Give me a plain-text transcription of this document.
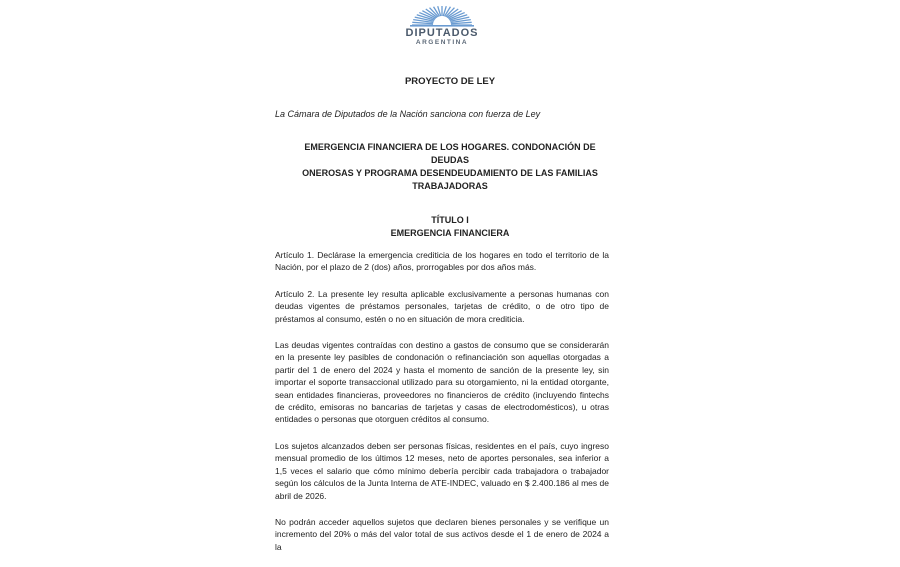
DIPUTADOS
ARGENTINA
PROYECTO DE LEY
La Cámara de Diputados de la Nación sanciona con fuerza de Ley
EMERGENCIA FINANCIERA DE LOS HOGARES. CONDONACIÓN DE DEUDAS
ONEROSAS Y PROGRAMA DESENDEUDAMIENTO DE LAS FAMILIAS
TRABAJADORAS
TÍTULO I
EMERGENCIA FINANCIERA

Artículo 1. Declárase la emergencia crediticia de los hogares en todo el territorio de la Nación, por el plazo de 2 (dos) años, prorrogables por dos años más.

Artículo 2. La presente ley resulta aplicable exclusivamente a personas humanas con deudas vigentes de préstamos personales, tarjetas de crédito, o de otro tipo de préstamos al consumo, estén o no en situación de mora crediticia.

Las deudas vigentes contraídas con destino a gastos de consumo que se considerarán en la presente ley pasibles de condonación o refinanciación son aquellas otorgadas a partir del 1 de enero del 2024 y hasta el momento de sanción de la presente ley, sin importar el soporte transaccional utilizado para su otorgamiento, ni la entidad otorgante, sean entidades financieras, proveedores no financieros de crédito (incluyendo fintechs de crédito, emisoras no bancarias de tarjetas y casas de electrodomésticos), u otras entidades o personas que otorguen créditos al consumo.

Los sujetos alcanzados deben ser personas físicas, residentes en el país, cuyo ingreso mensual promedio de los últimos 12 meses, neto de aportes personales, sea inferior a 1,5 veces el salario que cómo mínimo debería percibir cada trabajadora o trabajador según los cálculos de la Junta Interna de ATE-INDEC, valuado en $ 2.400.186 al mes de abril de 2026.

No podrán acceder aquellos sujetos que declaren bienes personales y se verifique un incremento del 20% o más del valor total de sus activos desde el 1 de enero de 2024 a la
